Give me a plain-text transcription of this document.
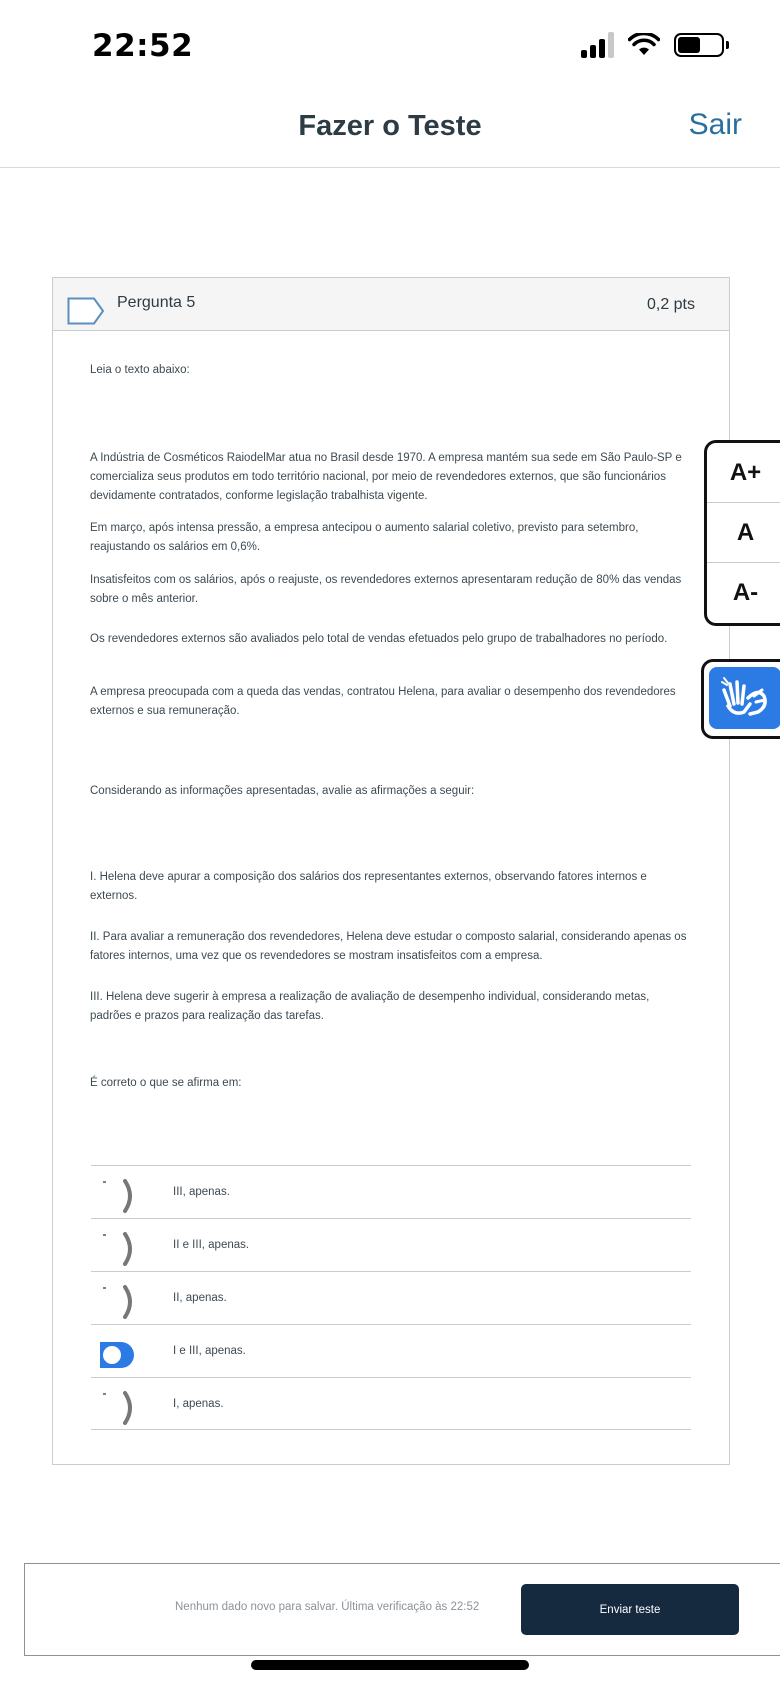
22:52
Fazer o Teste	Sair
Pergunta 5	0,2 pts
Leia o texto abaixo:
A Indústria de Cosméticos RaiodelMar atua no Brasil desde 1970. A empresa mantém sua sede em São Paulo-SP e comercializa seus produtos em todo território nacional, por meio de revendedores externos, que são funcionários devidamente contratados, conforme legislação trabalhista vigente.
Em março, após intensa pressão, a empresa antecipou o aumento salarial coletivo, previsto para setembro, reajustando os salários em 0,6%.
Insatisfeitos com os salários, após o reajuste, os revendedores externos apresentaram redução de 80% das vendas sobre o mês anterior.
Os revendedores externos são avaliados pelo total de vendas efetuados pelo grupo de trabalhadores no período.
A empresa preocupada com a queda das vendas, contratou Helena, para avaliar o desempenho dos revendedores externos e sua remuneração.
Considerando as informações apresentadas, avalie as afirmações a seguir:
I. Helena deve apurar a composição dos salários dos representantes externos, observando fatores internos e externos.
II. Para avaliar a remuneração dos revendedores, Helena deve estudar o composto salarial, considerando apenas os fatores internos, uma vez que os revendedores se mostram insatisfeitos com a empresa.
III. Helena deve sugerir à empresa a realização de avaliação de desempenho individual, considerando metas, padrões e prazos para realização das tarefas.
É correto o que se afirma em:
III, apenas.
II e III, apenas.
II, apenas.
I e III, apenas.
I, apenas.
A+
A
A-
Nenhum dado novo para salvar. Última verificação às 22:52	Enviar teste
